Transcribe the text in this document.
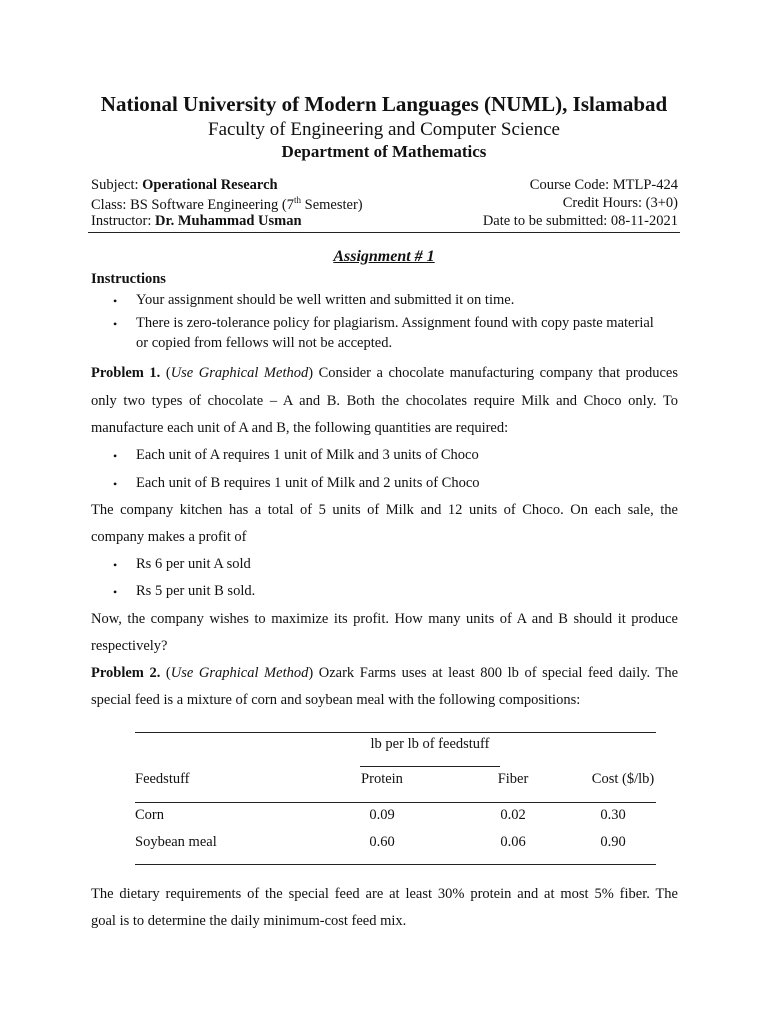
National University of Modern Languages (NUML), Islamabad
Faculty of Engineering and Computer Science
Department of Mathematics
Subject: Operational Research
Class: BS Software Engineering (7th Semester)
Instructor: Dr. Muhammad Usman
Course Code: MTLP-424
Credit Hours: (3+0)
Date to be submitted: 08-11-2021
Assignment # 1
Instructions
• Your assignment should be well written and submitted it on time.
• There is zero-tolerance policy for plagiarism. Assignment found with copy paste material
or copied from fellows will not be accepted.
Problem 1. (Use Graphical Method) Consider a chocolate manufacturing company that produces
only two types of chocolate – A and B. Both the chocolates require Milk and Choco only. To
manufacture each unit of A and B, the following quantities are required:
• Each unit of A requires 1 unit of Milk and 3 units of Choco
• Each unit of B requires 1 unit of Milk and 2 units of Choco
The company kitchen has a total of 5 units of Milk and 12 units of Choco. On each sale, the
company makes a profit of
• Rs 6 per unit A sold
• Rs 5 per unit B sold.
Now, the company wishes to maximize its profit. How many units of A and B should it produce
respectively?
Problem 2. (Use Graphical Method) Ozark Farms uses at least 800 lb of special feed daily. The
special feed is a mixture of corn and soybean meal with the following compositions:
lb per lb of feedstuff
Feedstuff	Protein	Fiber	Cost ($/lb)
Corn	0.09	0.02	0.30
Soybean meal	0.60	0.06	0.90
The dietary requirements of the special feed are at least 30% protein and at most 5% fiber. The
goal is to determine the daily minimum-cost feed mix.
